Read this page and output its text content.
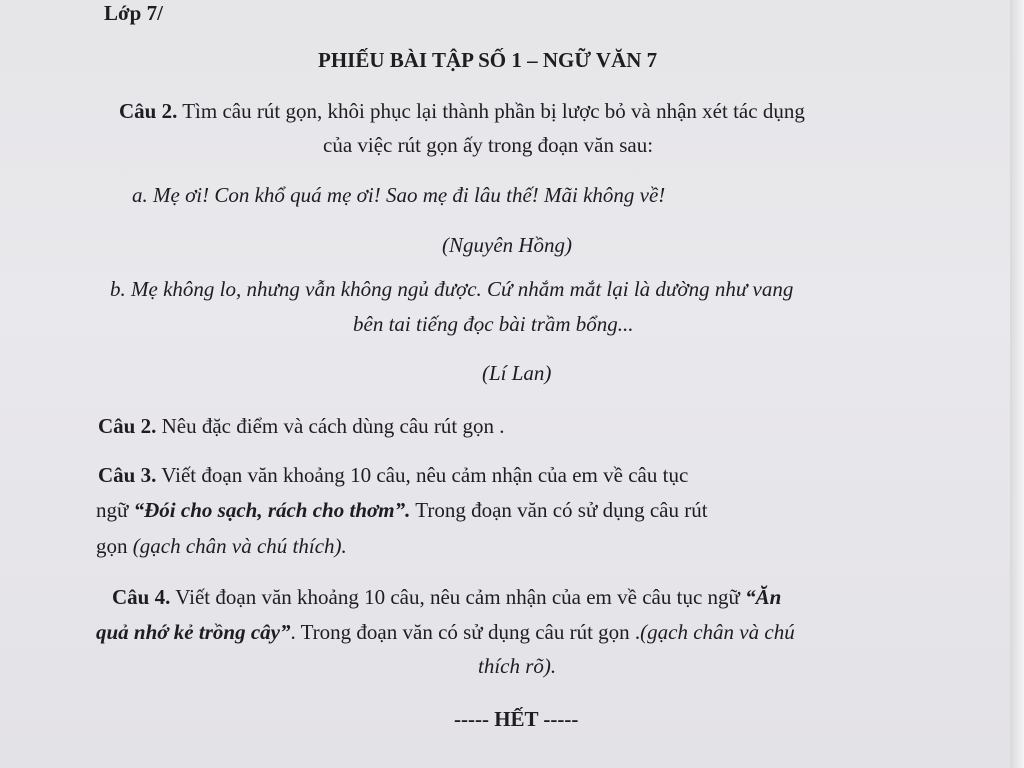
Lớp 7/
PHIẾU BÀI TẬP SỐ 1 – NGỮ VĂN 7
Câu 2. Tìm câu rút gọn, khôi phục lại thành phần bị lược bỏ và nhận xét tác dụng
của việc rút gọn ấy trong đoạn văn sau:
a. Mẹ ơi! Con khổ quá mẹ ơi! Sao mẹ đi lâu thế! Mãi không về!
(Nguyên Hồng)
b. Mẹ không lo, nhưng vẫn không ngủ được. Cứ nhắm mắt lại là dường như vang
bên tai tiếng đọc bài trầm bổng...
(Lí Lan)
Câu 2. Nêu đặc điểm và cách dùng câu rút gọn .
Câu 3. Viết đoạn văn khoảng 10 câu, nêu cảm nhận của em về câu tục
ngữ “Đói cho sạch, rách cho thơm”. Trong đoạn văn có sử dụng câu rút
gọn (gạch chân và chú thích).
Câu 4. Viết đoạn văn khoảng 10 câu, nêu cảm nhận của em về câu tục ngữ “Ăn
quả nhớ kẻ trồng cây”. Trong đoạn văn có sử dụng câu rút gọn .(gạch chân và chú
thích rõ).
----- HẾT -----
